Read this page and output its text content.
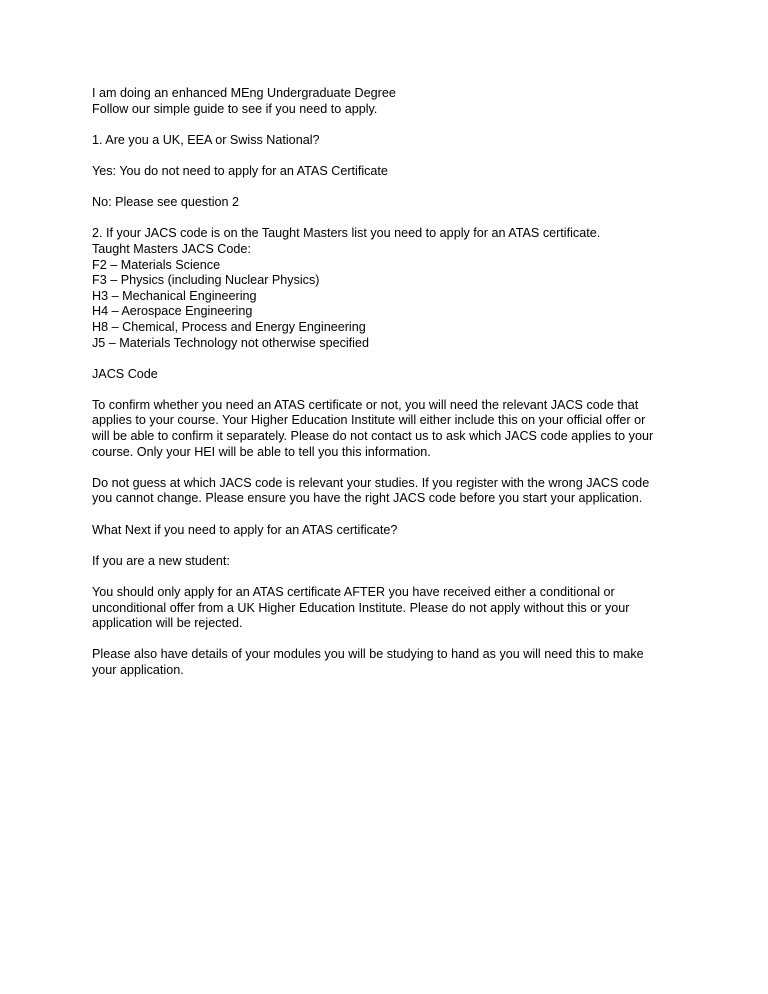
I am doing an enhanced MEng Undergraduate Degree
Follow our simple guide to see if you need to apply.
1. Are you a UK, EEA or Swiss National?
Yes: You do not need to apply for an ATAS Certificate
No: Please see question 2
2. If your JACS code is on the Taught Masters list you need to apply for an ATAS certificate.
Taught Masters JACS Code:
F2 – Materials Science
F3 – Physics (including Nuclear Physics)
H3 – Mechanical Engineering
H4 – Aerospace Engineering
H8 – Chemical, Process and Energy Engineering
J5 – Materials Technology not otherwise specified
JACS Code
To confirm whether you need an ATAS certificate or not, you will need the relevant JACS code that
applies to your course. Your Higher Education Institute will either include this on your official offer or
will be able to confirm it separately. Please do not contact us to ask which JACS code applies to your
course. Only your HEI will be able to tell you this information.
Do not guess at which JACS code is relevant your studies. If you register with the wrong JACS code
you cannot change. Please ensure you have the right JACS code before you start your application.
What Next if you need to apply for an ATAS certificate?
If you are a new student:
You should only apply for an ATAS certificate AFTER you have received either a conditional or
unconditional offer from a UK Higher Education Institute. Please do not apply without this or your
application will be rejected.
Please also have details of your modules you will be studying to hand as you will need this to make
your application.
